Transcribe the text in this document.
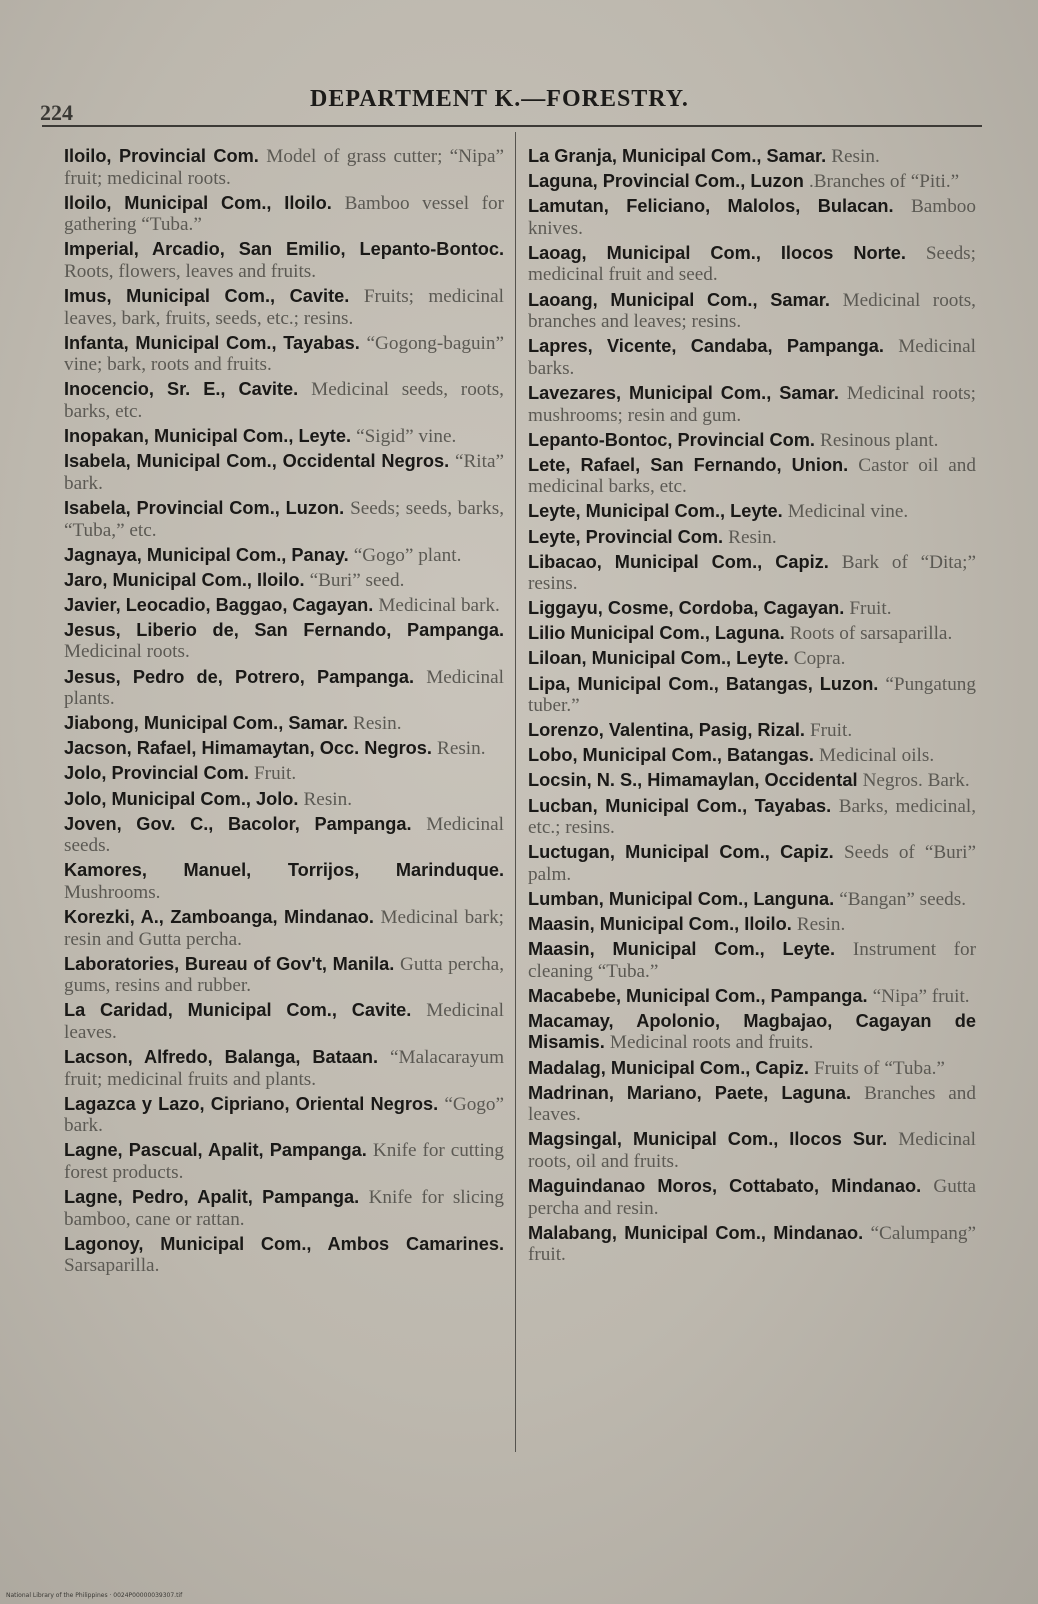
224
DEPARTMENT K.—FORESTRY.

Iloilo, Provincial Com. Model of grass cutter; “Nipa” fruit; medicinal roots.

Iloilo, Municipal Com., Iloilo. Bamboo vessel for gathering “Tuba.”

Imperial, Arcadio, San Emilio, Lepanto-Bontoc.Roots, flowers, leaves and fruits.

Imus, Municipal Com., Cavite. Fruits; medicinal leaves, bark, fruits, seeds, etc.; resins.

Infanta, Municipal Com., Tayabas. “Gogong-baguin” vine; bark, roots and fruits.

Inocencio, Sr. E., Cavite. Medicinal seeds, roots, barks, etc.

Inopakan, Municipal Com., Leyte. “Sigid” vine.

Isabela, Municipal Com., Occidental Negros. “Rita” bark.

Isabela, Provincial Com., Luzon. Seeds; seeds, barks, “Tuba,” etc.

Jagnaya, Municipal Com., Panay. “Gogo” plant.

Jaro, Municipal Com., Iloilo. “Buri” seed.

Javier, Leocadio, Baggao, Cagayan. Medicinal bark.

Jesus, Liberio de, San Fernando, Pampanga.Medicinal roots.

Jesus, Pedro de, Potrero, Pampanga. Medicinal plants.

Jiabong, Municipal Com., Samar. Resin.

Jacson, Rafael, Himamaytan, Occ. Negros. Resin.

Jolo, Provincial Com. Fruit.

Jolo, Municipal Com., Jolo. Resin.

Joven, Gov. C., Bacolor, Pampanga. Medicinal seeds.

Kamores, Manuel, Torrijos, Marinduque.Mushrooms.

Korezki, A., Zamboanga, Mindanao. Medicinal bark; resin and Gutta percha.

Laboratories, Bureau of Gov't, Manila. Gutta percha, gums, resins and rubber.

La Caridad, Municipal Com., Cavite. Medicinal leaves.

Lacson, Alfredo, Balanga, Bataan. “Malacarayum fruit; medicinal fruits and plants.

Lagazca y Lazo, Cipriano, Oriental Negros. “Gogo” bark.

Lagne, Pascual, Apalit, Pampanga. Knife for cutting forest products.

Lagne, Pedro, Apalit, Pampanga. Knife for slicing bamboo, cane or rattan.

Lagonoy, Municipal Com., Ambos Camarines.Sarsaparilla.

La Granja, Municipal Com., Samar. Resin.

Laguna, Provincial Com., Luzon .Branches of “Piti.”

Lamutan, Feliciano, Malolos, Bulacan. Bamboo knives.

Laoag, Municipal Com., Ilocos Norte. Seeds; medicinal fruit and seed.

Laoang, Municipal Com., Samar. Medicinal roots, branches and leaves; resins.

Lapres, Vicente, Candaba, Pampanga. Medicinal barks.

Lavezares, Municipal Com., Samar. Medicinal roots; mushrooms; resin and gum.

Lepanto-Bontoc, Provincial Com. Resinous plant.

Lete, Rafael, San Fernando, Union. Castor oil and medicinal barks, etc.

Leyte, Municipal Com., Leyte. Medicinal vine.

Leyte, Provincial Com. Resin.

Libacao, Municipal Com., Capiz. Bark of “Dita;” resins.

Liggayu, Cosme, Cordoba, Cagayan. Fruit.

Lilio Municipal Com., Laguna. Roots of sarsaparilla.

Liloan, Municipal Com., Leyte. Copra.

Lipa, Municipal Com., Batangas, Luzon. “Pungatung tuber.”

Lorenzo, Valentina, Pasig, Rizal. Fruit.

Lobo, Municipal Com., Batangas. Medicinal oils.

Locsin, N. S., Himamaylan, Occidental Negros. Bark.

Lucban, Municipal Com., Tayabas. Barks, medicinal, etc.; resins.

Luctugan, Municipal Com., Capiz. Seeds of “Buri” palm.

Lumban, Municipal Com., Languna. “Bangan” seeds.

Maasin, Municipal Com., Iloilo. Resin.

Maasin, Municipal Com., Leyte. Instrument for cleaning “Tuba.”

Macabebe, Municipal Com., Pampanga. “Nipa” fruit.

Macamay, Apolonio, Magbajao, Cagayan de Misamis. Medicinal roots and fruits.

Madalag, Municipal Com., Capiz. Fruits of “Tuba.”

Madrinan, Mariano, Paete, Laguna. Branches and leaves.

Magsingal, Municipal Com., Ilocos Sur. Medicinal roots, oil and fruits.

Maguindanao Moros, Cottabato, Mindanao. Gutta percha and resin.

Malabang, Municipal Com., Mindanao. “Calumpang” fruit.

National Library of the Philippines · 0024P00000039307.tif
